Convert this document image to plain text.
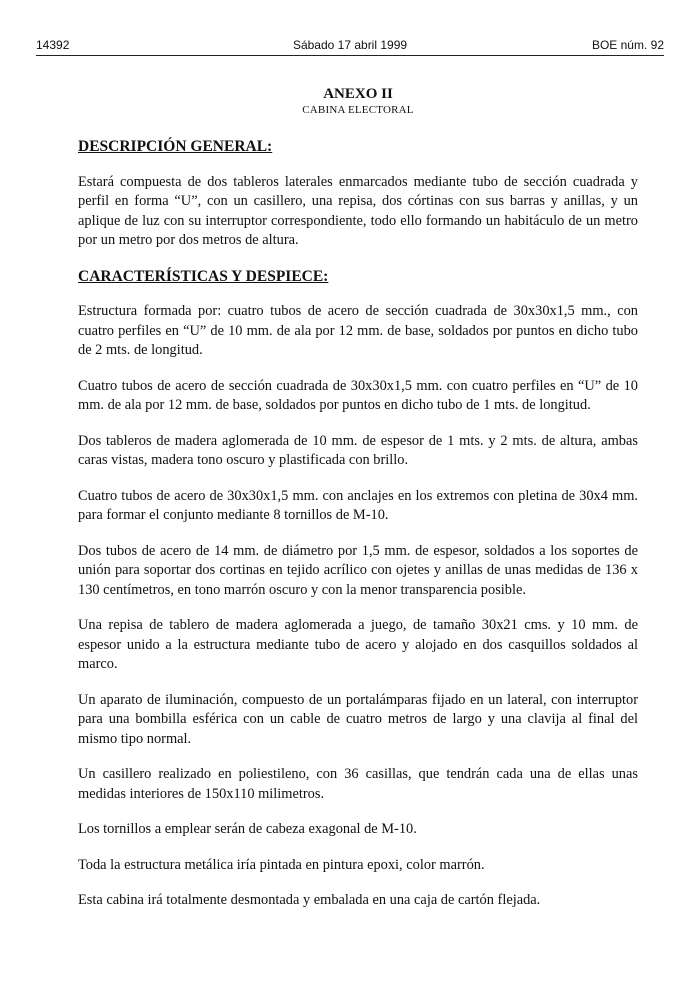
14392	Sábado 17 abril 1999	BOE núm. 92

ANEXO II

CABINA ELECTORAL

DESCRIPCIÓN GENERAL:

Estará compuesta de dos tableros laterales enmarcados mediante tubo de sección cuadrada y perfil en forma “U”, con un casillero, una repisa, dos córtinas con sus barras y anillas, y un aplique de luz con su interruptor correspondiente, todo ello formando un habitáculo de un metro por un metro por dos metros de altura.

CARACTERÍSTICAS Y DESPIECE:

Estructura formada por: cuatro tubos de acero de sección cuadrada de 30x30x1,5 mm., con cuatro perfiles en “U” de 10 mm. de ala por 12 mm. de base, soldados por puntos en dicho tubo de 2 mts. de longitud.

Cuatro tubos de acero de sección cuadrada de 30x30x1,5 mm. con cuatro perfiles en “U” de 10 mm. de ala por 12 mm. de base, soldados por puntos en dicho tubo de 1 mts. de longitud.

Dos tableros de madera aglomerada de 10 mm. de espesor de 1 mts. y 2 mts. de altura, ambas caras vistas, madera tono oscuro y plastificada con brillo.

Cuatro tubos de acero de 30x30x1,5 mm. con anclajes en los extremos con pletina de 30x4 mm. para formar el conjunto mediante 8 tornillos de M-10.

Dos tubos de acero de 14 mm. de diámetro por 1,5 mm. de espesor, soldados a los soportes de unión para soportar dos cortinas en tejido acrílico con ojetes y anillas de unas medidas de 136 x 130 centímetros, en tono marrón oscuro y con la menor transparencia posible.

Una repisa de tablero de madera aglomerada a juego, de tamaño 30x21 cms. y 10 mm. de espesor unido a la estructura mediante tubo de acero y alojado en dos casquillos soldados al marco.

Un aparato de iluminación, compuesto de un portalámparas fijado en un lateral, con interruptor para una bombilla esférica con un cable de cuatro metros de largo y una clavija al final del mismo tipo normal.

Un casillero realizado en poliestileno, con 36 casillas, que tendrán cada una de ellas unas medidas interiores de 150x110 milimetros.

Los tornillos a emplear serán de cabeza exagonal de M-10.

Toda la estructura metálica iría pintada en pintura epoxi, color marrón.

Esta cabina irá totalmente desmontada y embalada en una caja de cartón flejada.
